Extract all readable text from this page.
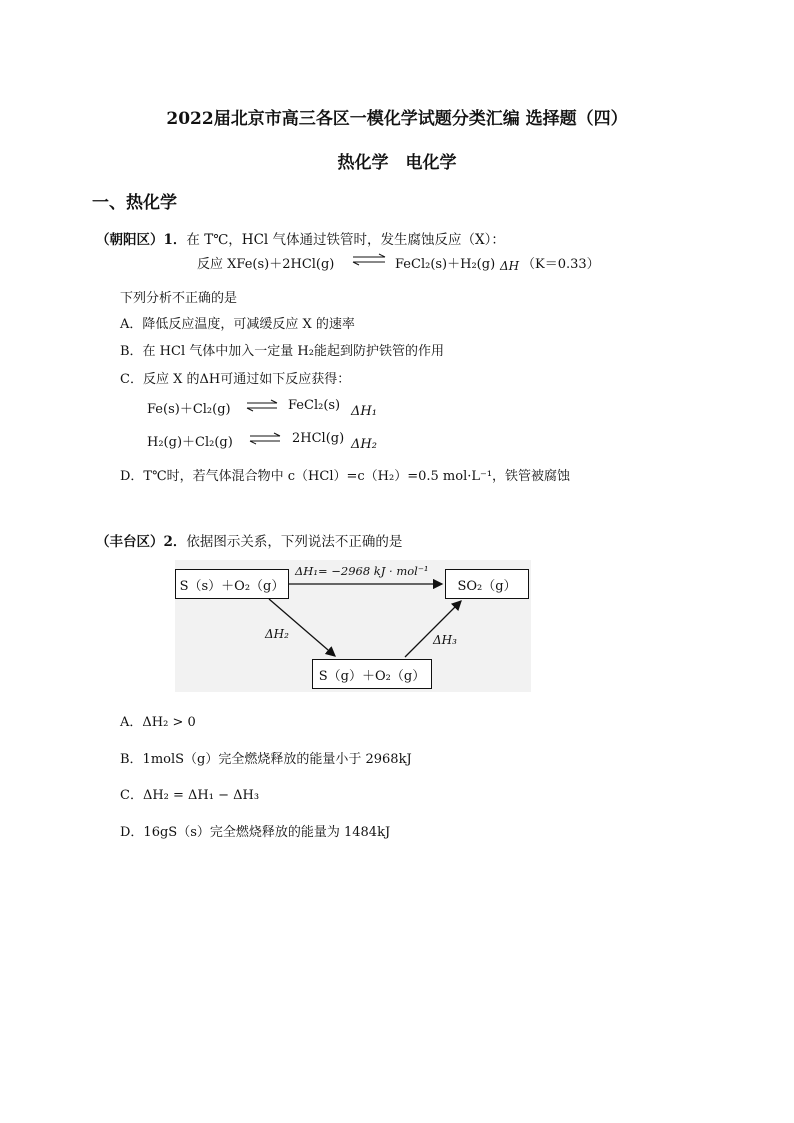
2022届北京市高三各区一模化学试题分类汇编 选择题（四）
热化学　电化学
一、热化学
（朝阳区）1．在 T℃，HCl 气体通过铁管时，发生腐蚀反应（X）：
反应 XFe(s)＋2HCl(g) ⇌ FeCl₂(s)＋H₂(g) ΔH （K＝0.33）
下列分析不正确的是
A．降低反应温度，可减缓反应 X 的速率
B．在 HCl 气体中加入一定量 H₂能起到防护铁管的作用
C．反应 X 的ΔH可通过如下反应获得：
Fe(s)＋Cl₂(g) ⇌ FeCl₂(s) ΔH₁
H₂(g)＋Cl₂(g) ⇌ 2HCl(g) ΔH₂
D．T℃时，若气体混合物中 c（HCl）=c（H₂）=0.5 mol·L⁻¹，铁管被腐蚀
（丰台区）2．依据图示关系，下列说法不正确的是
S（s）＋O₂（g）	SO₂（g）
S（g）＋O₂（g）
ΔH₁= −2968 kJ · mol⁻¹
ΔH₂	ΔH₃
A．ΔH₂ > 0
B．1molS（g）完全燃烧释放的能量小于 2968kJ
C．ΔH₂ = ΔH₁ − ΔH₃
D．16gS（s）完全燃烧释放的能量为 1484kJ
